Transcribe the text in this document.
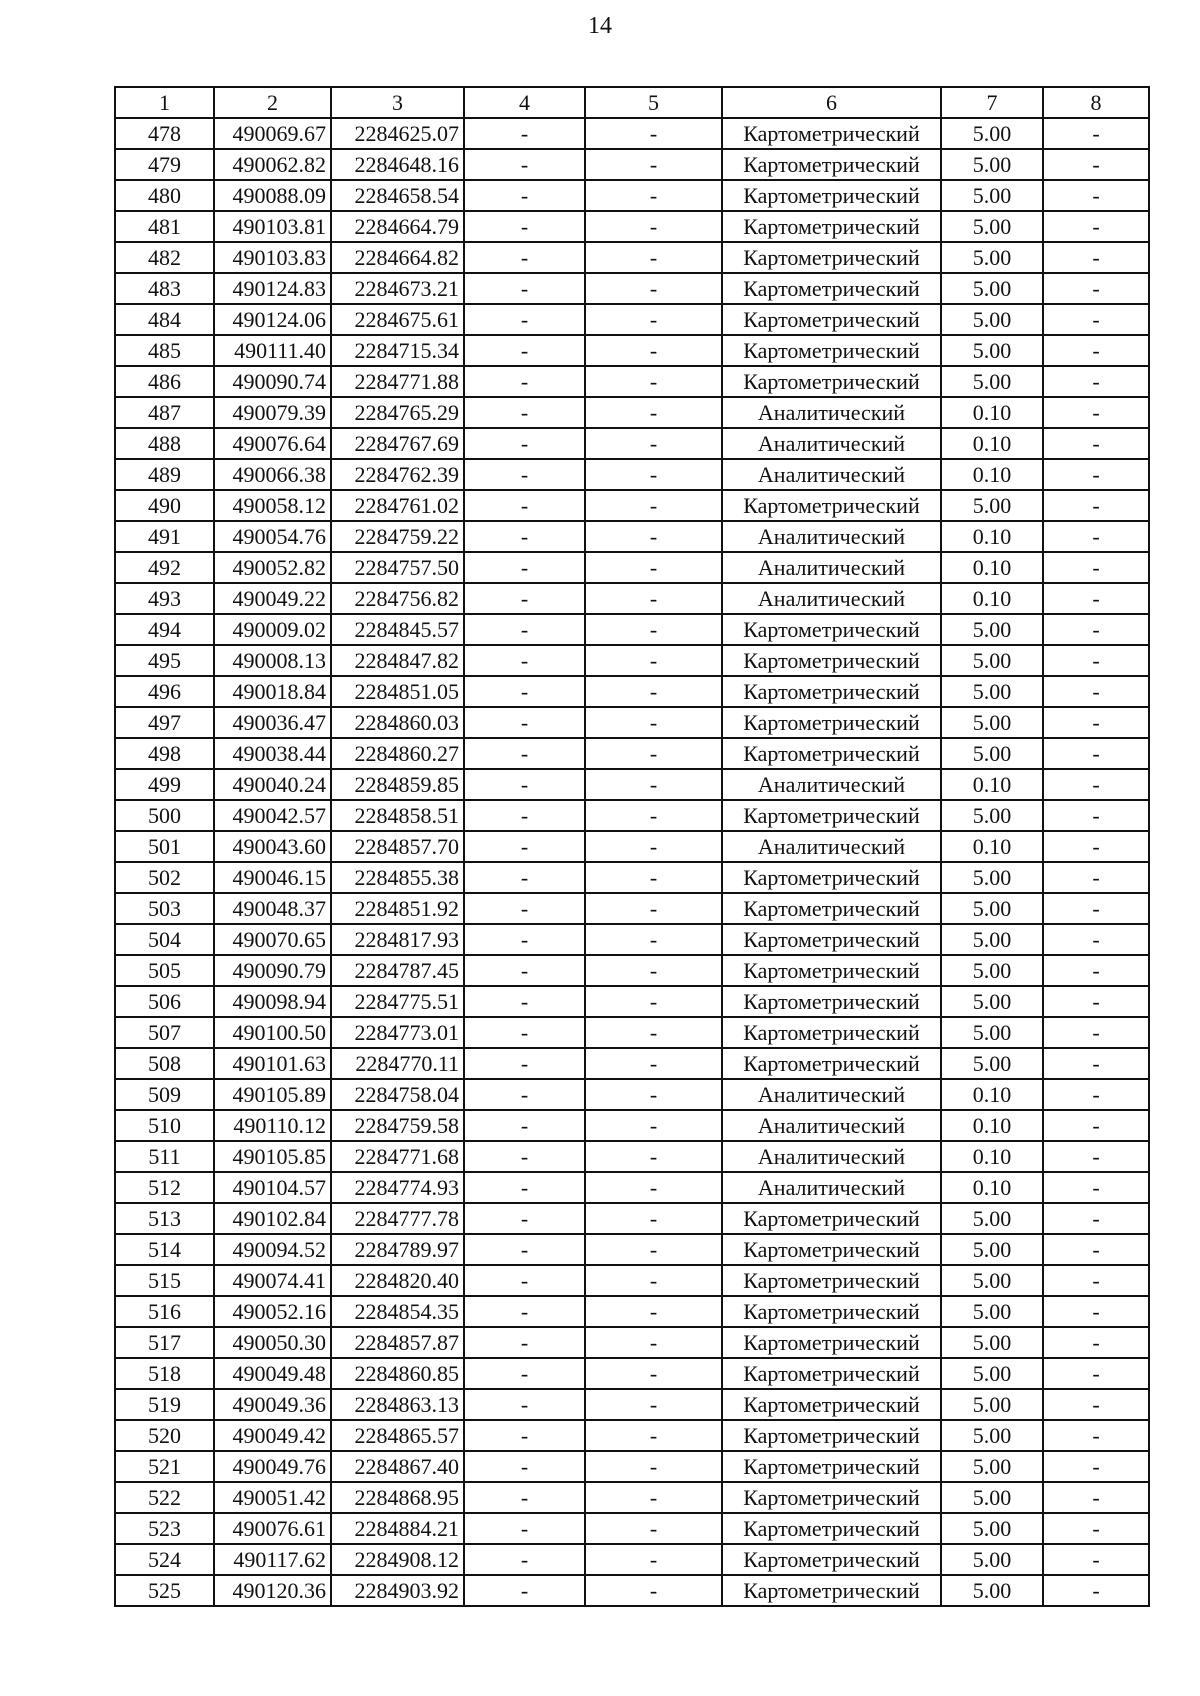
14
1	2	3	4	5	6	7	8
478	490069.67	2284625.07	-	-	Картометрический	5.00	-
479	490062.82	2284648.16	-	-	Картометрический	5.00	-
480	490088.09	2284658.54	-	-	Картометрический	5.00	-
481	490103.81	2284664.79	-	-	Картометрический	5.00	-
482	490103.83	2284664.82	-	-	Картометрический	5.00	-
483	490124.83	2284673.21	-	-	Картометрический	5.00	-
484	490124.06	2284675.61	-	-	Картометрический	5.00	-
485	490111.40	2284715.34	-	-	Картометрический	5.00	-
486	490090.74	2284771.88	-	-	Картометрический	5.00	-
487	490079.39	2284765.29	-	-	Аналитический	0.10	-
488	490076.64	2284767.69	-	-	Аналитический	0.10	-
489	490066.38	2284762.39	-	-	Аналитический	0.10	-
490	490058.12	2284761.02	-	-	Картометрический	5.00	-
491	490054.76	2284759.22	-	-	Аналитический	0.10	-
492	490052.82	2284757.50	-	-	Аналитический	0.10	-
493	490049.22	2284756.82	-	-	Аналитический	0.10	-
494	490009.02	2284845.57	-	-	Картометрический	5.00	-
495	490008.13	2284847.82	-	-	Картометрический	5.00	-
496	490018.84	2284851.05	-	-	Картометрический	5.00	-
497	490036.47	2284860.03	-	-	Картометрический	5.00	-
498	490038.44	2284860.27	-	-	Картометрический	5.00	-
499	490040.24	2284859.85	-	-	Аналитический	0.10	-
500	490042.57	2284858.51	-	-	Картометрический	5.00	-
501	490043.60	2284857.70	-	-	Аналитический	0.10	-
502	490046.15	2284855.38	-	-	Картометрический	5.00	-
503	490048.37	2284851.92	-	-	Картометрический	5.00	-
504	490070.65	2284817.93	-	-	Картометрический	5.00	-
505	490090.79	2284787.45	-	-	Картометрический	5.00	-
506	490098.94	2284775.51	-	-	Картометрический	5.00	-
507	490100.50	2284773.01	-	-	Картометрический	5.00	-
508	490101.63	2284770.11	-	-	Картометрический	5.00	-
509	490105.89	2284758.04	-	-	Аналитический	0.10	-
510	490110.12	2284759.58	-	-	Аналитический	0.10	-
511	490105.85	2284771.68	-	-	Аналитический	0.10	-
512	490104.57	2284774.93	-	-	Аналитический	0.10	-
513	490102.84	2284777.78	-	-	Картометрический	5.00	-
514	490094.52	2284789.97	-	-	Картометрический	5.00	-
515	490074.41	2284820.40	-	-	Картометрический	5.00	-
516	490052.16	2284854.35	-	-	Картометрический	5.00	-
517	490050.30	2284857.87	-	-	Картометрический	5.00	-
518	490049.48	2284860.85	-	-	Картометрический	5.00	-
519	490049.36	2284863.13	-	-	Картометрический	5.00	-
520	490049.42	2284865.57	-	-	Картометрический	5.00	-
521	490049.76	2284867.40	-	-	Картометрический	5.00	-
522	490051.42	2284868.95	-	-	Картометрический	5.00	-
523	490076.61	2284884.21	-	-	Картометрический	5.00	-
524	490117.62	2284908.12	-	-	Картометрический	5.00	-
525	490120.36	2284903.92	-	-	Картометрический	5.00	-
